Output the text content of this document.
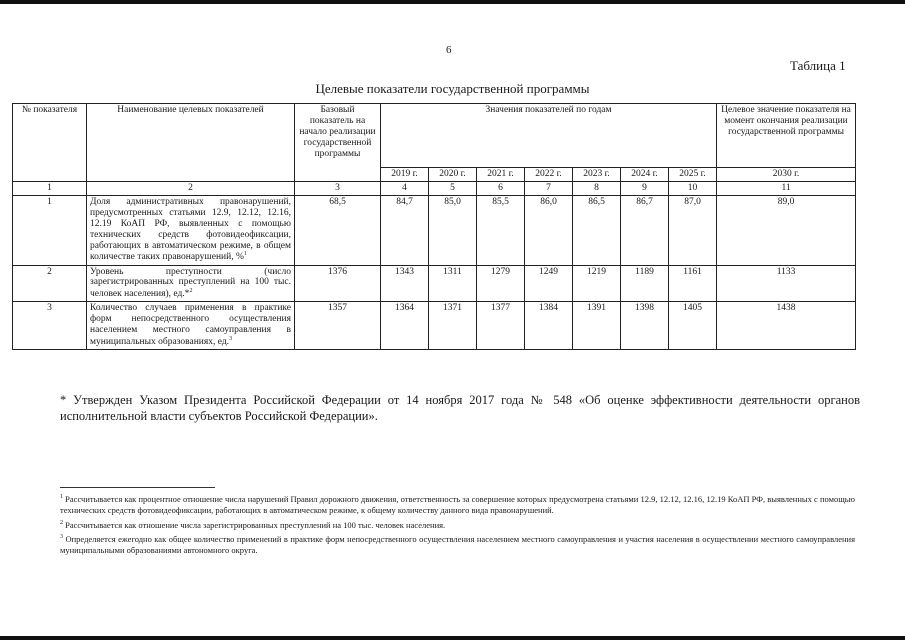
6
Таблица 1
Целевые показатели государственной программы
№ показателя	Наименование целевых показателей	Базовый показатель на начало реализации государственной программы	Значения показателей по годам							Целевое значение показателя на момент окончания реализации государственной программы
			2019 г.	2020 г.	2021 г.	2022 г.	2023 г.	2024 г.	2025 г.	2030 г.
1	2	3	4	5	6	7	8	9	10	11
1	Доля административных правонарушений, предусмотренных статьями 12.9, 12.12, 12.16, 12.19 КоАП РФ, выявленных с помощью технических средств фотовидеофиксации, работающих в автоматическом режиме, в общем количестве таких правонарушений, %$^1$	68,5	84,7	85,0	85,5	86,0	86,5	86,7	87,0	89,0
2	Уровень преступности (число зарегистрированных преступлений на 100 тыс. человек населения), ед.*$^2$	1376	1343	1311	1279	1249	1219	1189	1161	1133
3	Количество случаев применения в практике форм непосредственного осуществления населением местного самоуправления в муниципальных образованиях, ед.$^3$	1357	1364	1371	1377	1384	1391	1398	1405	1438
* Утвержден Указом Президента Российской Федерации от 14 ноября 2017 года № 548 «Об оценке эффективности деятельности органов исполнительной власти субъектов Российской Федерации».

$^1$ Рассчитывается как процентное отношение числа нарушений Правил дорожного движения, ответственность за совершение которых предусмотрена статьями 12.9, 12.12, 12.16, 12.19 КоАП РФ, выявленных с помощью технических средств фотовидеофиксации, работающих в автоматическом режиме, к общему количеству данного вида правонарушений.

$^2$ Рассчитывается как отношение числа зарегистрированных преступлений на 100 тыс. человек населения.

$^3$ Определяется ежегодно как общее количество применений в практике форм непосредственного осуществления населением местного самоуправления и участия населения в осуществлении местного самоуправления муниципальными образованиями автономного округа.
